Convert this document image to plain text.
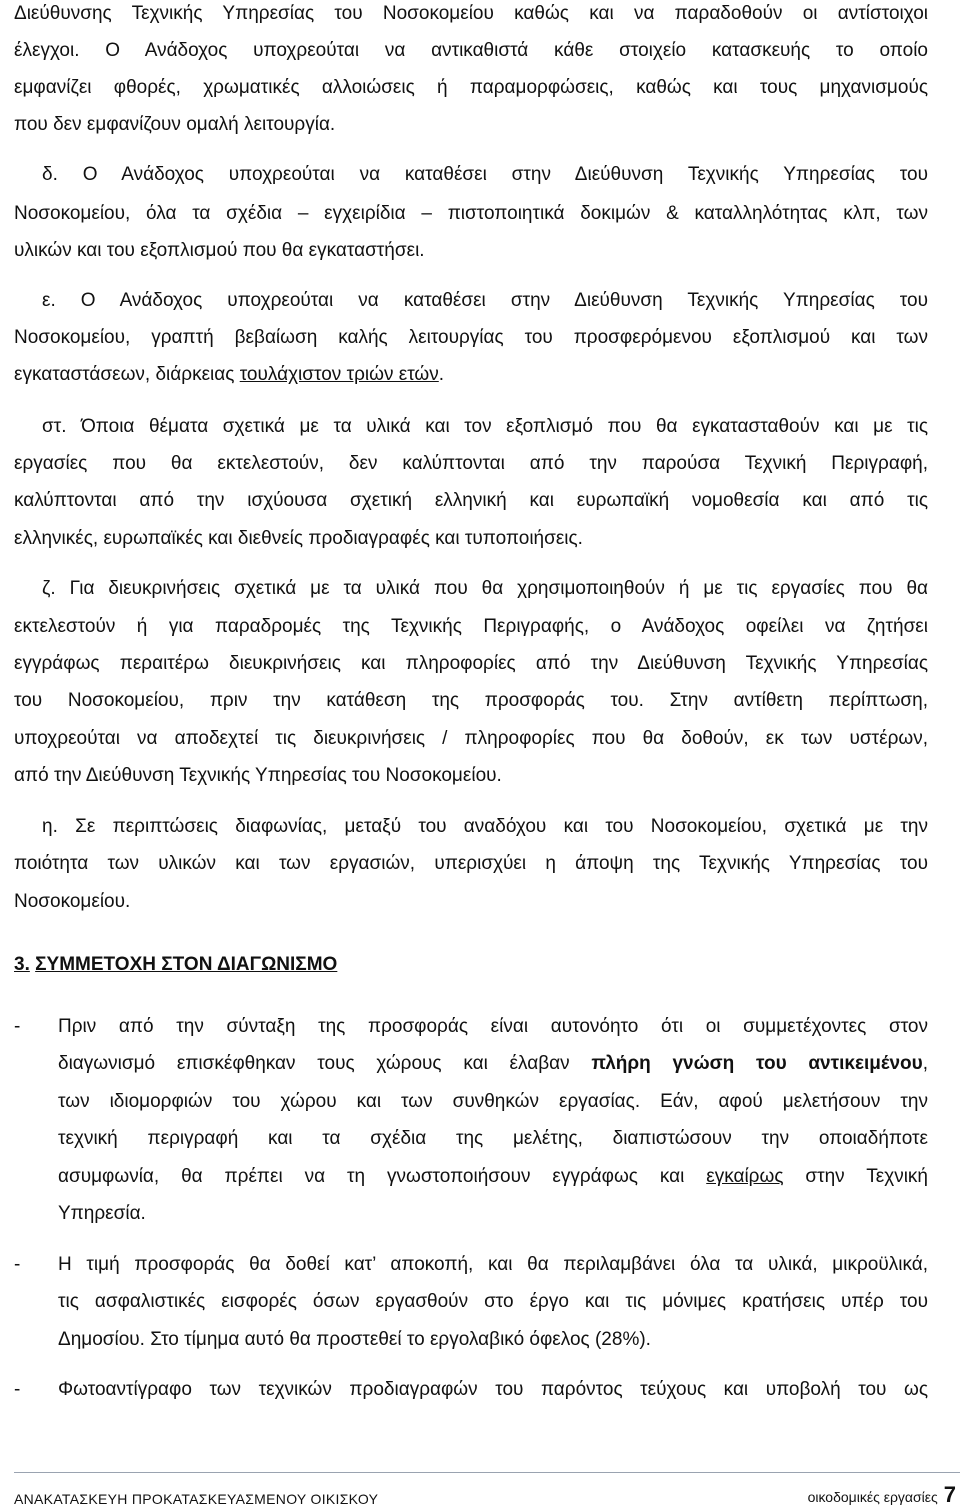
Διεύθυνσης Τεχνικής Υπηρεσίας του Νοσοκομείου καθώς και να παραδοθούν οι αντίστοιχοι
έλεγχοι. Ο Ανάδοχος υποχρεούται να αντικαθιστά κάθε στοιχείο κατασκευής το οποίο
εμφανίζει φθορές, χρωματικές αλλοιώσεις ή παραμορφώσεις, καθώς και τους μηχανισμούς
που δεν εμφανίζουν ομαλή λειτουργία.
δ. Ο Ανάδοχος υποχρεούται να καταθέσει στην Διεύθυνση Τεχνικής Υπηρεσίας του
Νοσοκομείου, όλα τα σχέδια – εγχειρίδια – πιστοποιητικά δοκιμών & καταλληλότητας κλπ, των
υλικών και του εξοπλισμού που θα εγκαταστήσει.
ε. Ο Ανάδοχος υποχρεούται να καταθέσει στην Διεύθυνση Τεχνικής Υπηρεσίας του
Νοσοκομείου, γραπτή βεβαίωση καλής λειτουργίας του προσφερόμενου εξοπλισμού και των
εγκαταστάσεων, διάρκειας τουλάχιστον τριών ετών.
στ. Όποια θέματα σχετικά με τα υλικά και τον εξοπλισμό που θα εγκατασταθούν και με τις
εργασίες που θα εκτελεστούν, δεν καλύπτονται από την παρούσα Τεχνική Περιγραφή,
καλύπτονται από την ισχύουσα σχετική ελληνική και ευρωπαϊκή νομοθεσία και από τις
ελληνικές, ευρωπαϊκές και διεθνείς προδιαγραφές και τυποποιήσεις.
ζ. Για διευκρινήσεις σχετικά με τα υλικά που θα χρησιμοποιηθούν ή με τις εργασίες που θα
εκτελεστούν ή για παραδρομές της Τεχνικής Περιγραφής, ο Ανάδοχος οφείλει να ζητήσει
εγγράφως περαιτέρω διευκρινήσεις και πληροφορίες από την Διεύθυνση Τεχνικής Υπηρεσίας
του Νοσοκομείου, πριν την κατάθεση της προσφοράς του. Στην αντίθετη περίπτωση,
υποχρεούται να αποδεχτεί τις διευκρινήσεις / πληροφορίες που θα δοθούν, εκ των υστέρων,
από την Διεύθυνση Τεχνικής Υπηρεσίας του Νοσοκομείου.
η. Σε περιπτώσεις διαφωνίας, μεταξύ του αναδόχου και του Νοσοκομείου, σχετικά με την
ποιότητα των υλικών και των εργασιών, υπερισχύει η άποψη της Τεχνικής Υπηρεσίας του
Νοσοκομείου.
3. ΣΥΜΜΕΤΟΧΗ ΣΤΟΝ ΔΙΑΓΩΝΙΣΜΟ
- Πριν από την σύνταξη της προσφοράς είναι αυτονόητο ότι οι συμμετέχοντες στον
διαγωνισμό επισκέφθηκαν τους χώρους και έλαβαν πλήρη γνώση του αντικειμένου,
των ιδιομορφιών του χώρου και των συνθηκών εργασίας. Εάν, αφού μελετήσουν την
τεχνική περιγραφή και τα σχέδια της μελέτης, διαπιστώσουν την οποιαδήποτε
ασυμφωνία, θα πρέπει να τη γνωστοποιήσουν εγγράφως και εγκαίρως στην Τεχνική
Υπηρεσία.
- Η τιμή προσφοράς θα δοθεί κατ’ αποκοπή, και θα περιλαμβάνει όλα τα υλικά, μικροϋλικά,
τις ασφαλιστικές εισφορές όσων εργασθούν στο έργο και τις μόνιμες κρατήσεις υπέρ του
Δημοσίου. Στο τίμημα αυτό θα προστεθεί το εργολαβικό όφελος (28%).
- Φωτοαντίγραφο των τεχνικών προδιαγραφών του παρόντος τεύχους και υποβολή του ως
ΑΝΑΚΑΤΑΣΚΕΥΗ ΠΡΟΚΑΤΑΣΚΕΥΑΣΜΕΝΟΥ ΟΙΚΙΣΚΟΥ	οικοδομικές εργασίες 7
